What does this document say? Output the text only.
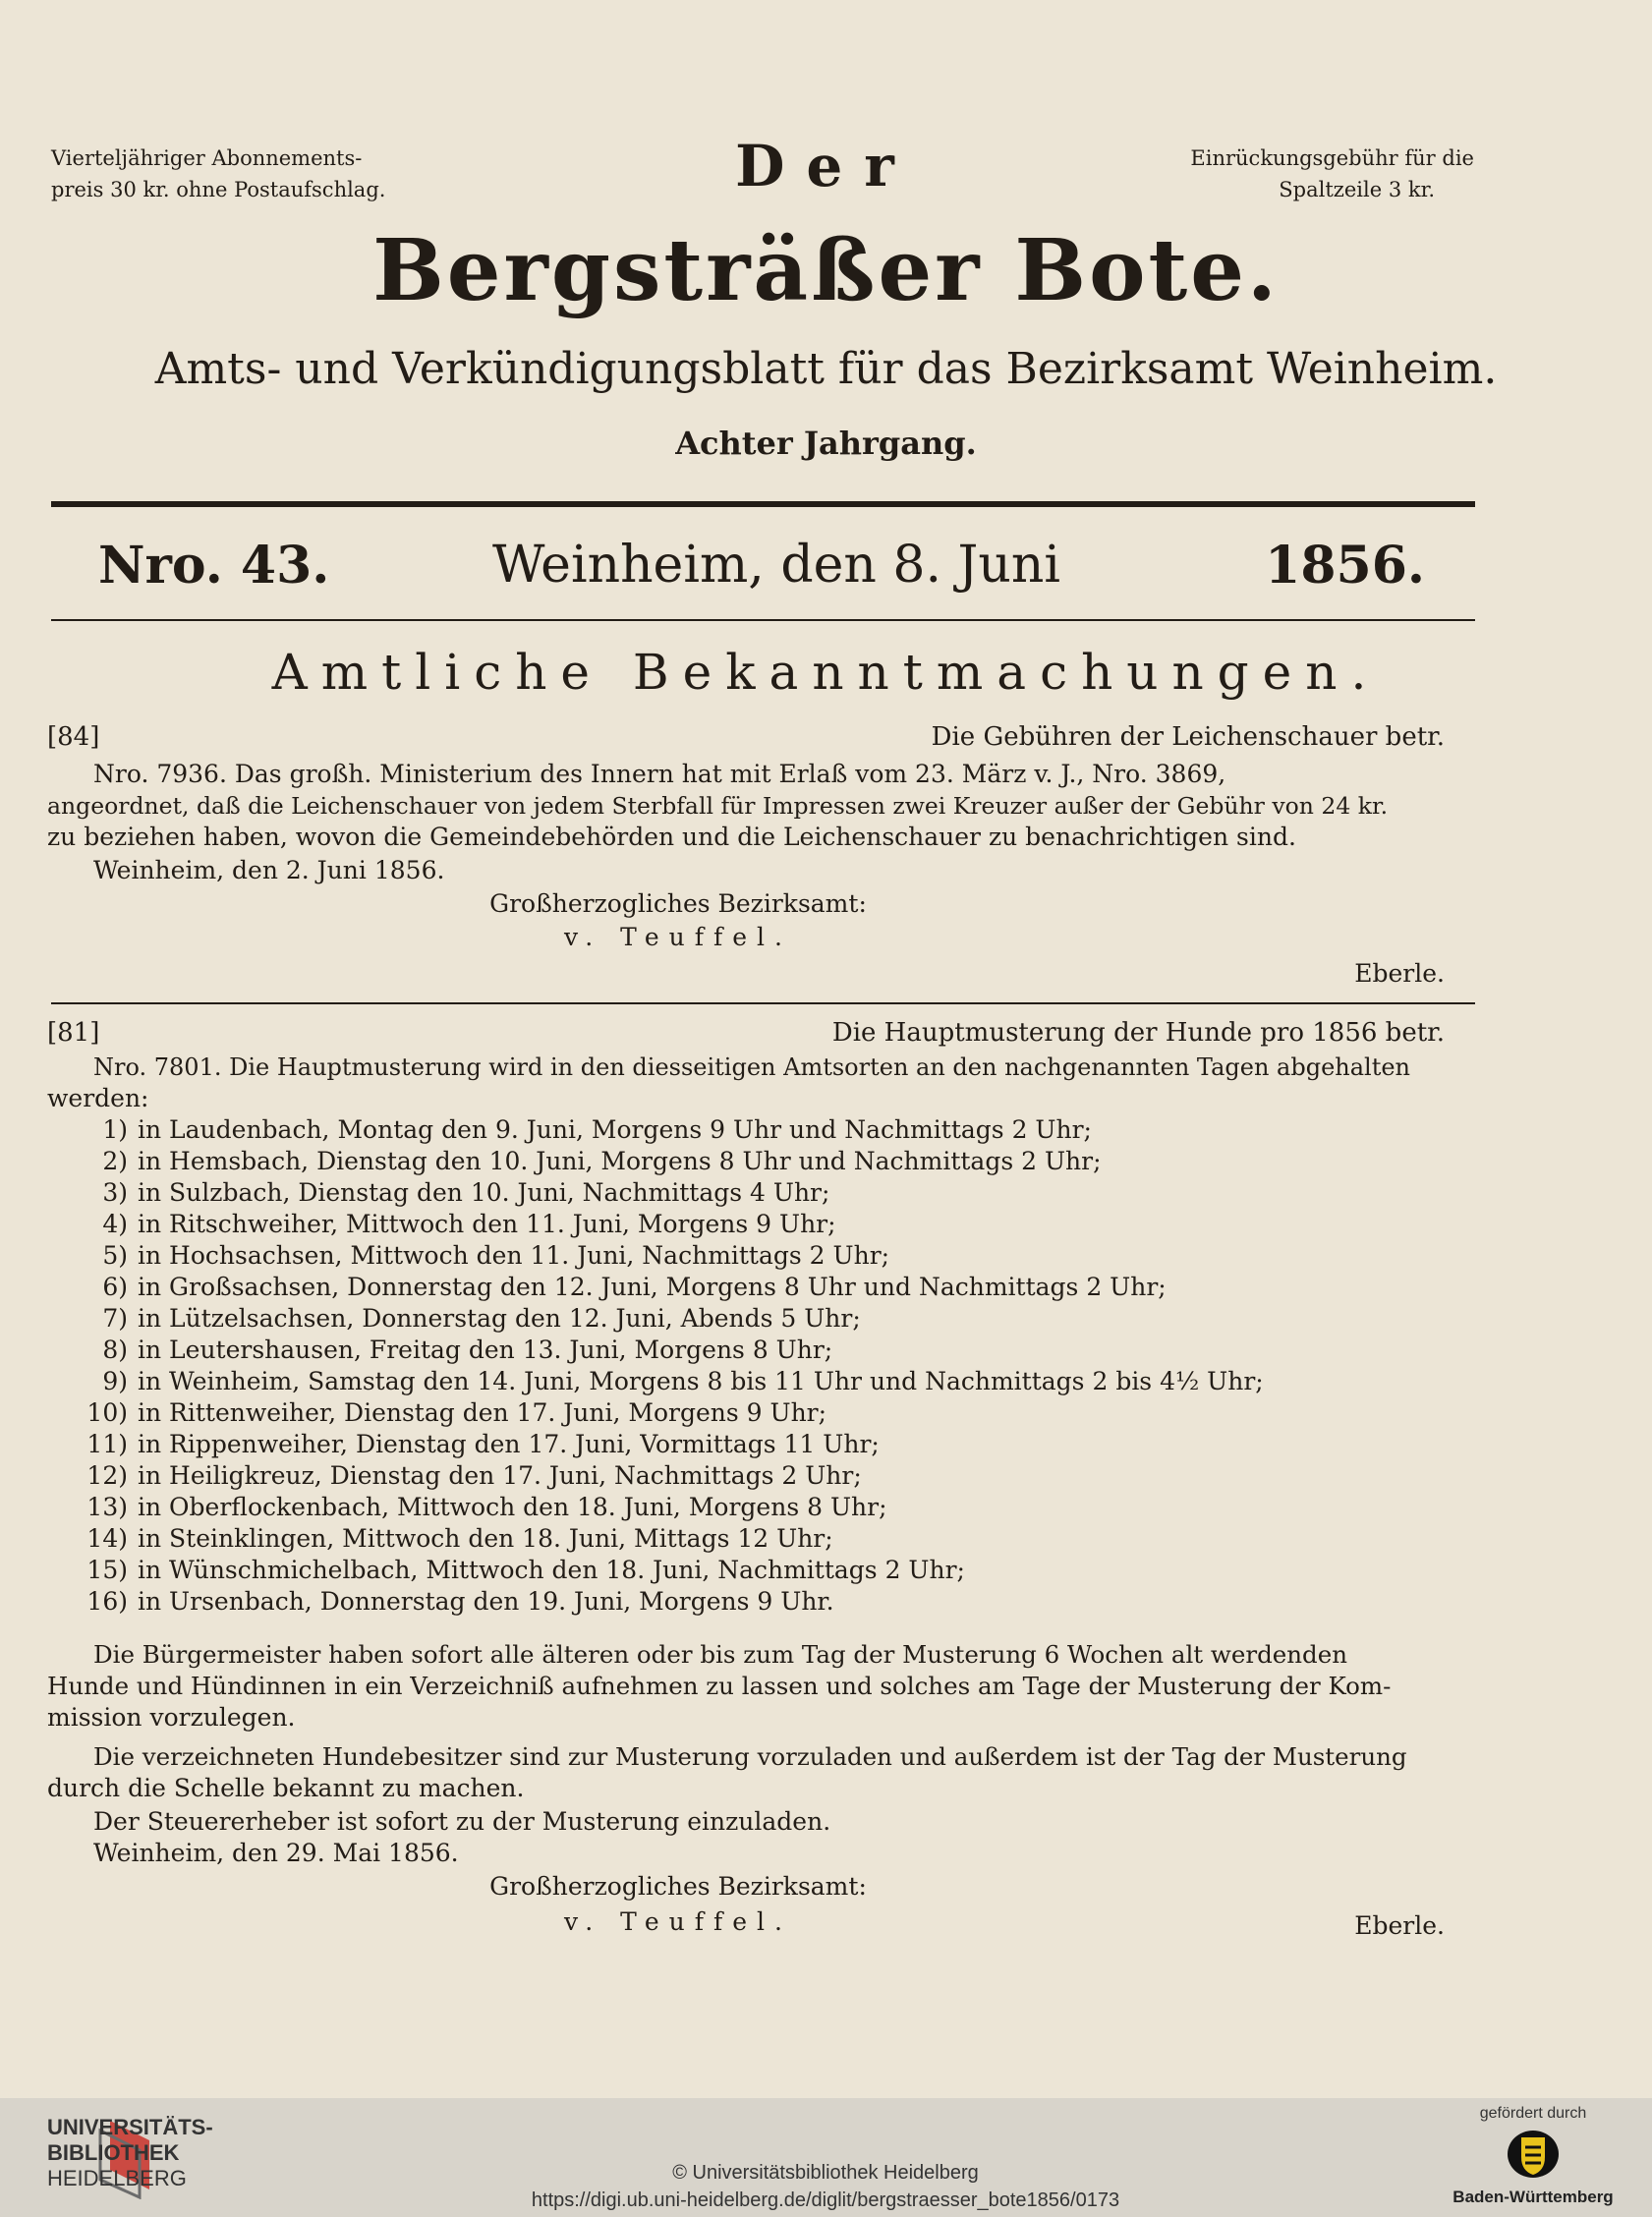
Vierteljähriger Abonnements-
preis 30 kr. ohne Postaufschlag.	Der	Einrückungsgebühr für die
Spaltzeile 3 kr.
Bergsträßer Bote.
Amts- und Verkündigungsblatt für das Bezirksamt Weinheim.
Achter Jahrgang.
Nro. 43.	Weinheim, den 8. Juni	1856.
Amtliche Bekanntmachungen.
[84]	Die Gebühren der Leichenschauer betr.
Nro. 7936. Das großh. Ministerium des Innern hat mit Erlaß vom 23. März v. J., Nro. 3869,
angeordnet, daß die Leichenschauer von jedem Sterbfall für Impressen zwei Kreuzer außer der Gebühr von 24 kr.
zu beziehen haben, wovon die Gemeindebehörden und die Leichenschauer zu benachrichtigen sind.
Weinheim, den 2. Juni 1856.
Großherzogliches Bezirksamt:
v. Teuffel.
Eberle.
[81]	Die Hauptmusterung der Hunde pro 1856 betr.
Nro. 7801. Die Hauptmusterung wird in den diesseitigen Amtsorten an den nachgenannten Tagen abgehalten
werden:
1) in Laudenbach, Montag den 9. Juni, Morgens 9 Uhr und Nachmittags 2 Uhr;
2) in Hemsbach, Dienstag den 10. Juni, Morgens 8 Uhr und Nachmittags 2 Uhr;
3) in Sulzbach, Dienstag den 10. Juni, Nachmittags 4 Uhr;
4) in Ritschweiher, Mittwoch den 11. Juni, Morgens 9 Uhr;
5) in Hochsachsen, Mittwoch den 11. Juni, Nachmittags 2 Uhr;
6) in Großsachsen, Donnerstag den 12. Juni, Morgens 8 Uhr und Nachmittags 2 Uhr;
7) in Lützelsachsen, Donnerstag den 12. Juni, Abends 5 Uhr;
8) in Leutershausen, Freitag den 13. Juni, Morgens 8 Uhr;
9) in Weinheim, Samstag den 14. Juni, Morgens 8 bis 11 Uhr und Nachmittags 2 bis 4½ Uhr;
10) in Rittenweiher, Dienstag den 17. Juni, Morgens 9 Uhr;
11) in Rippenweiher, Dienstag den 17. Juni, Vormittags 11 Uhr;
12) in Heiligkreuz, Dienstag den 17. Juni, Nachmittags 2 Uhr;
13) in Oberflockenbach, Mittwoch den 18. Juni, Morgens 8 Uhr;
14) in Steinklingen, Mittwoch den 18. Juni, Mittags 12 Uhr;
15) in Wünschmichelbach, Mittwoch den 18. Juni, Nachmittags 2 Uhr;
16) in Ursenbach, Donnerstag den 19. Juni, Morgens 9 Uhr.
Die Bürgermeister haben sofort alle älteren oder bis zum Tag der Musterung 6 Wochen alt werdenden
Hunde und Hündinnen in ein Verzeichniß aufnehmen zu lassen und solches am Tage der Musterung der Kom-
mission vorzulegen.
Die verzeichneten Hundebesitzer sind zur Musterung vorzuladen und außerdem ist der Tag der Musterung
durch die Schelle bekannt zu machen.
Der Steuererheber ist sofort zu der Musterung einzuladen.
Weinheim, den 29. Mai 1856.
Großherzogliches Bezirksamt:
v. Teuffel.	Eberle.
UNIVERSITÄTS-
BIBLIOTHEK
HEIDELBERG	© Universitätsbibliothek Heidelberg
https://digi.ub.uni-heidelberg.de/diglit/bergstraesser_bote1856/0173
gefördert durch
Baden-Württemberg
